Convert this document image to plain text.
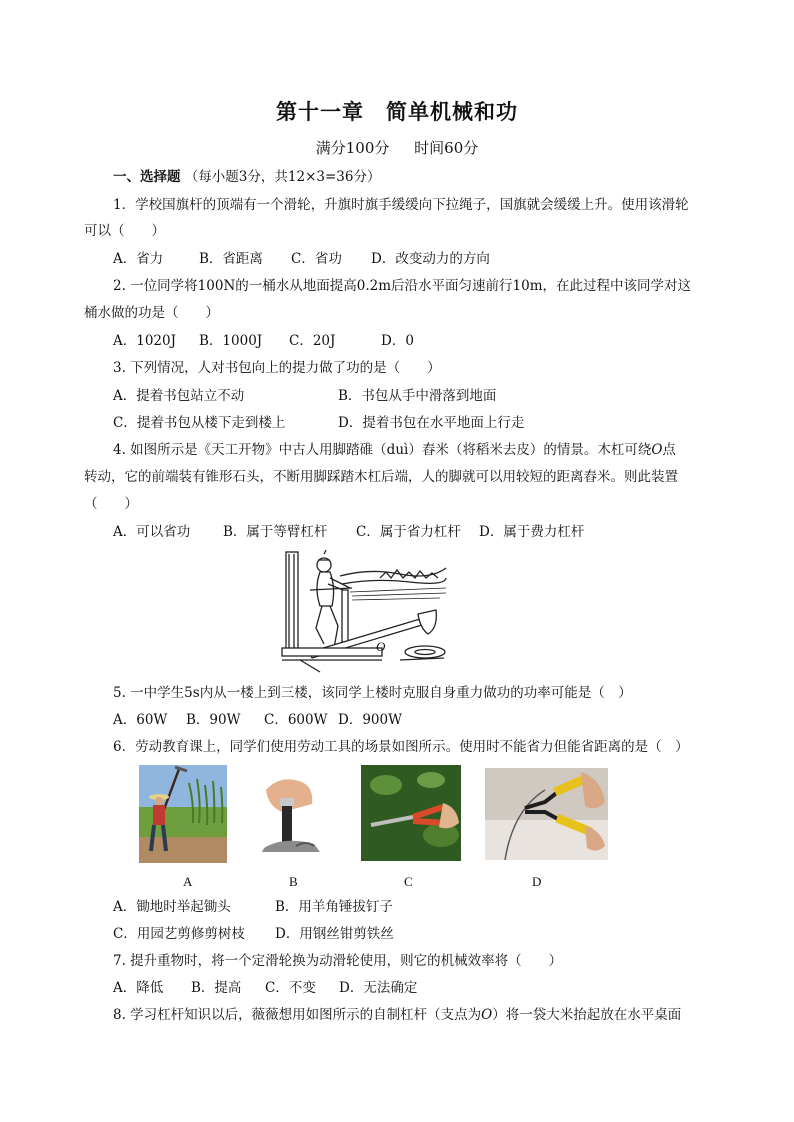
第十一章　简单机械和功
满分100分 时间60分
一、选择题 （每小题3分，共12×3=36分）
1．学校国旗杆的顶端有一个滑轮，升旗时旗手缓缓向下拉绳子，国旗就会缓缓上升。使用该滑轮
可以（　　）
A．省力	B．省距离 C．省功 D．改变动力的方向
2. 一位同学将100N的一桶水从地面提高0.2m后沿水平面匀速前行10m，在此过程中该同学对这
桶水做的功是（　　）
A．1020J B．1000J C．20J	D．0
3. 下列情况，人对书包向上的提力做了功的是（　　）
A．提着书包站立不动	B．书包从手中滑落到地面
C．提着书包从楼下走到楼上	D．提着书包在水平地面上行走
4. 如图所示是《天工开物》中古人用脚踏碓（duì）舂米（将稻米去皮）的情景。木杠可绕O点
转动，它的前端装有锥形石头，不断用脚踩踏木杠后端，人的脚就可以用较短的距离舂米。则此装置
（　　）
A．可以省功 B．属于等臂杠杆 C．属于省力杠杆 D．属于费力杠杆
O
5. 一中学生5s内从一楼上到三楼，该同学上楼时克服自身重力做功的功率可能是（　）
A．60W B．90W C．600W D．900W
6．劳动教育课上，同学们使用劳动工具的场景如图所示。使用时不能省力但能省距离的是（　）
A	B	C	D
A．锄地时举起锄头	B．用羊角锤拔钉子
C．用园艺剪修剪树枝 D．用钢丝钳剪铁丝
7. 提升重物时，将一个定滑轮换为动滑轮使用，则它的机械效率将（　　）
A．降低 B．提高 C．不变 D．无法确定
8. 学习杠杆知识以后，薇薇想用如图所示的自制杠杆（支点为O）将一袋大米抬起放在水平桌面
